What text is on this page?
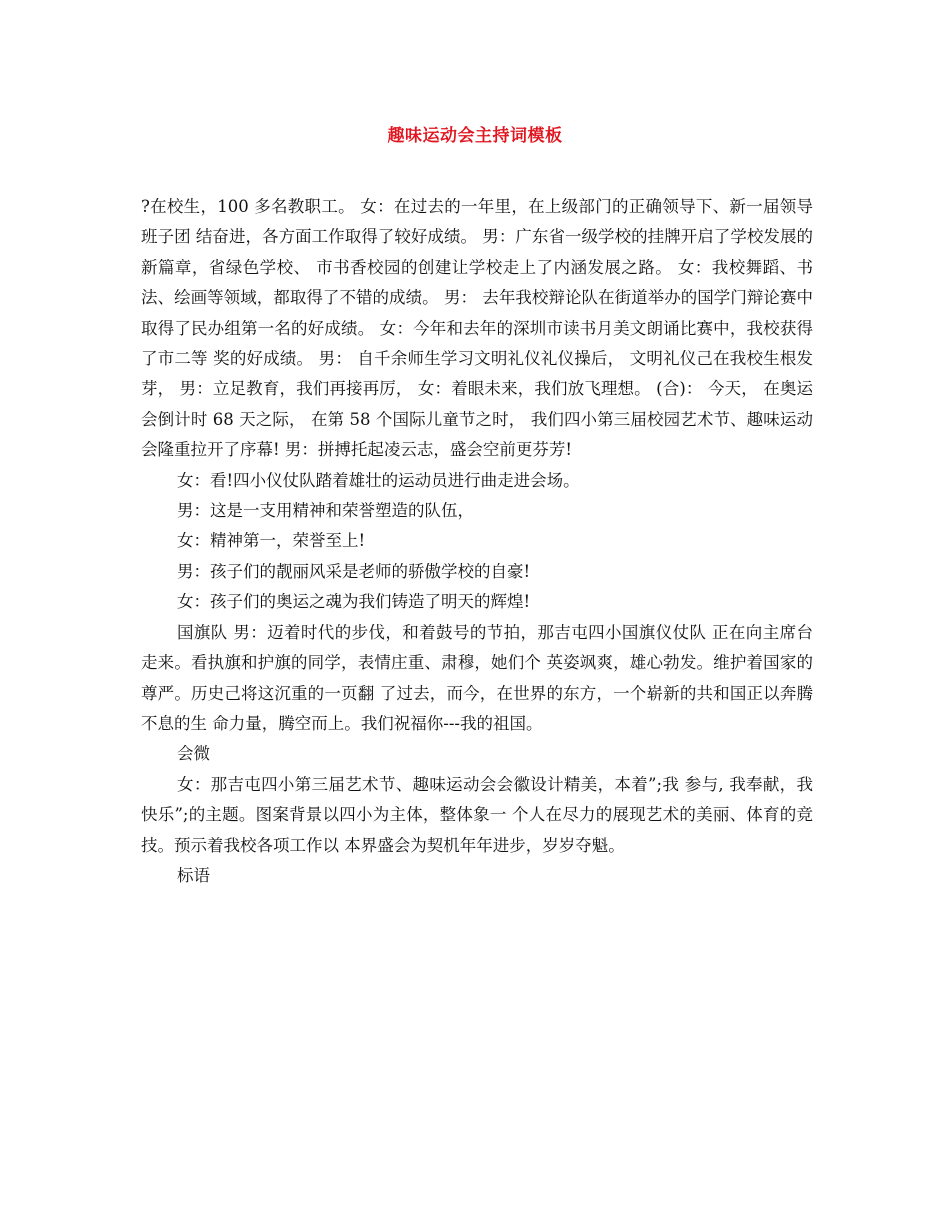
趣味运动会主持词模板

?在校生，100 多名教职工。 女：在过去的一年里，在上级部门的正确领导下、新一届领导班子团 结奋进，各方面工作取得了较好成绩。 男：广东省一级学校的挂牌开启了学校发展的新篇章，省绿色学校、 市书香校园的创建让学校走上了内涵发展之路。 女：我校舞蹈、书法、绘画等领域，都取得了不错的成绩。 男： 去年我校辩论队在街道举办的国学门辩论赛中取得了民办组第一名的好成绩。 女：今年和去年的深圳市读书月美文朗诵比赛中，我校获得了市二等 奖的好成绩。 男： 自千余师生学习文明礼仪礼仪操后， 文明礼仪己在我校生根发芽， 男：立足教育，我们再接再厉， 女：着眼未来，我们放飞理想。 (合)： 今天， 在奥运会倒计时 68 天之际， 在第 58 个国际儿童节之时， 我们四小第三届校园艺术节、趣味运动会隆重拉开了序幕! 男：拼搏托起凌云志，盛会空前更芬芳!

女：看!四小仪仗队踏着雄壮的运动员进行曲走进会场。

男：这是一支用精神和荣誉塑造的队伍，

女：精神第一，荣誉至上!

男：孩子们的靓丽风采是老师的骄傲学校的自豪!

女：孩子们的奥运之魂为我们铸造了明天的辉煌!

国旗队 男：迈着时代的步伐，和着鼓号的节拍，那吉屯四小国旗仪仗队 正在向主席台走来。看执旗和护旗的同学，表情庄重、肃穆，她们个 英姿飒爽，雄心勃发。维护着国家的尊严。历史己将这沉重的一页翻 了过去，而今，在世界的东方，一个崭新的共和国正以奔腾不息的生 命力量，腾空而上。我们祝福你---我的祖国。

会微

女：那吉屯四小第三届艺术节、趣味运动会会徽设计精美，本着”;我 参与, 我奉献，我快乐”;的主题。图案背景以四小为主体，整体象一 个人在尽力的展现艺术的美丽、体育的竞技。预示着我校各项工作以 本界盛会为契机年年进步，岁岁夺魁。

标语
